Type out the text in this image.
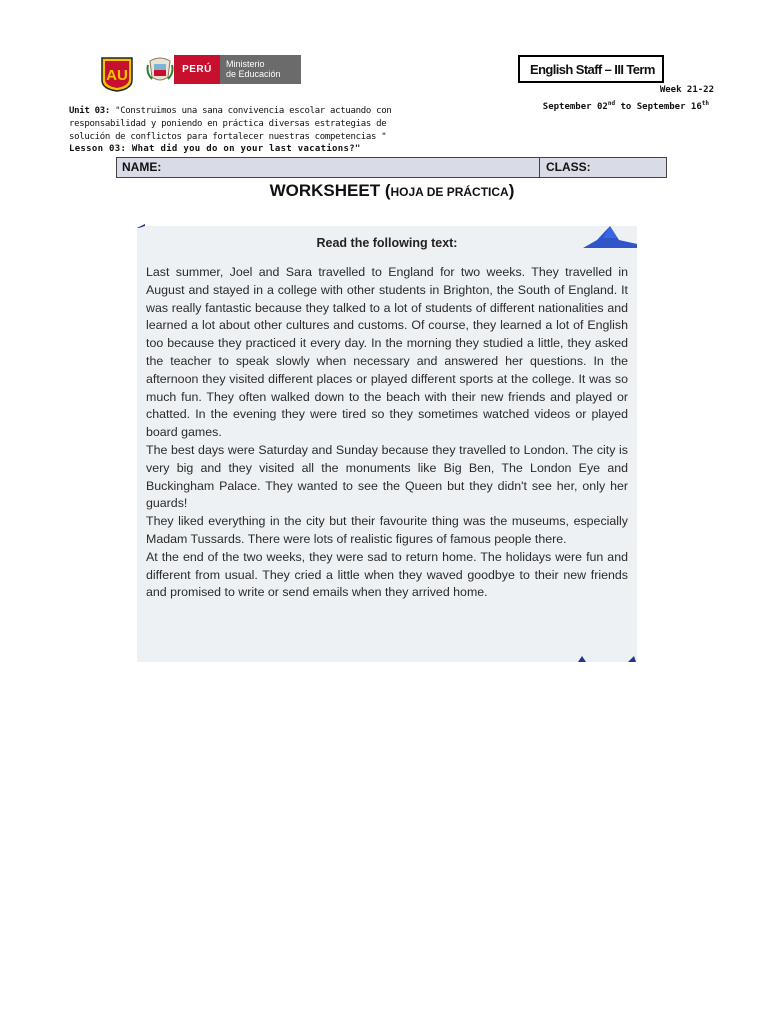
AU	PERÚ	Ministerio
de Educación	English Staff – III Term
Week 21-22
September 02nd to September 16th
Unit 03: "Construimos una sana convivencia escolar actuando con responsabilidad y poniendo en práctica diversas estrategias de solución de conflictos para fortalecer nuestras competencias "
Lesson 03: What did you do on your last vacations?"
NAME:	CLASS:
WORKSHEET (HOJA DE PRÁCTICA)
Read the following text:

Last summer, Joel and Sara travelled to England for two weeks. They travelled in August and stayed in a college with other students in Brighton, the South of England. It was really fantastic because they talked to a lot of students of different nationalities and learned a lot about other cultures and customs. Of course, they learned a lot of English too because they practiced it every day. In the morning they studied a little, they asked the teacher to speak slowly when necessary and answered her questions. In the afternoon they visited different places or played different sports at the college. It was so much fun. They often walked down to the beach with their new friends and played or chatted. In the evening they were tired so they sometimes watched videos or played board games.

The best days were Saturday and Sunday because they travelled to London. The city is very big and they visited all the monuments like Big Ben, The London Eye and Buckingham Palace. They wanted to see the Queen but they didn't see her, only her guards!

They liked everything in the city but their favourite thing was the museums, especially Madam Tussards. There were lots of realistic figures of famous people there.

At the end of the two weeks, they were sad to return home. The holidays were fun and different from usual. They cried a little when they waved goodbye to their new friends and promised to write or send emails when they arrived home.
